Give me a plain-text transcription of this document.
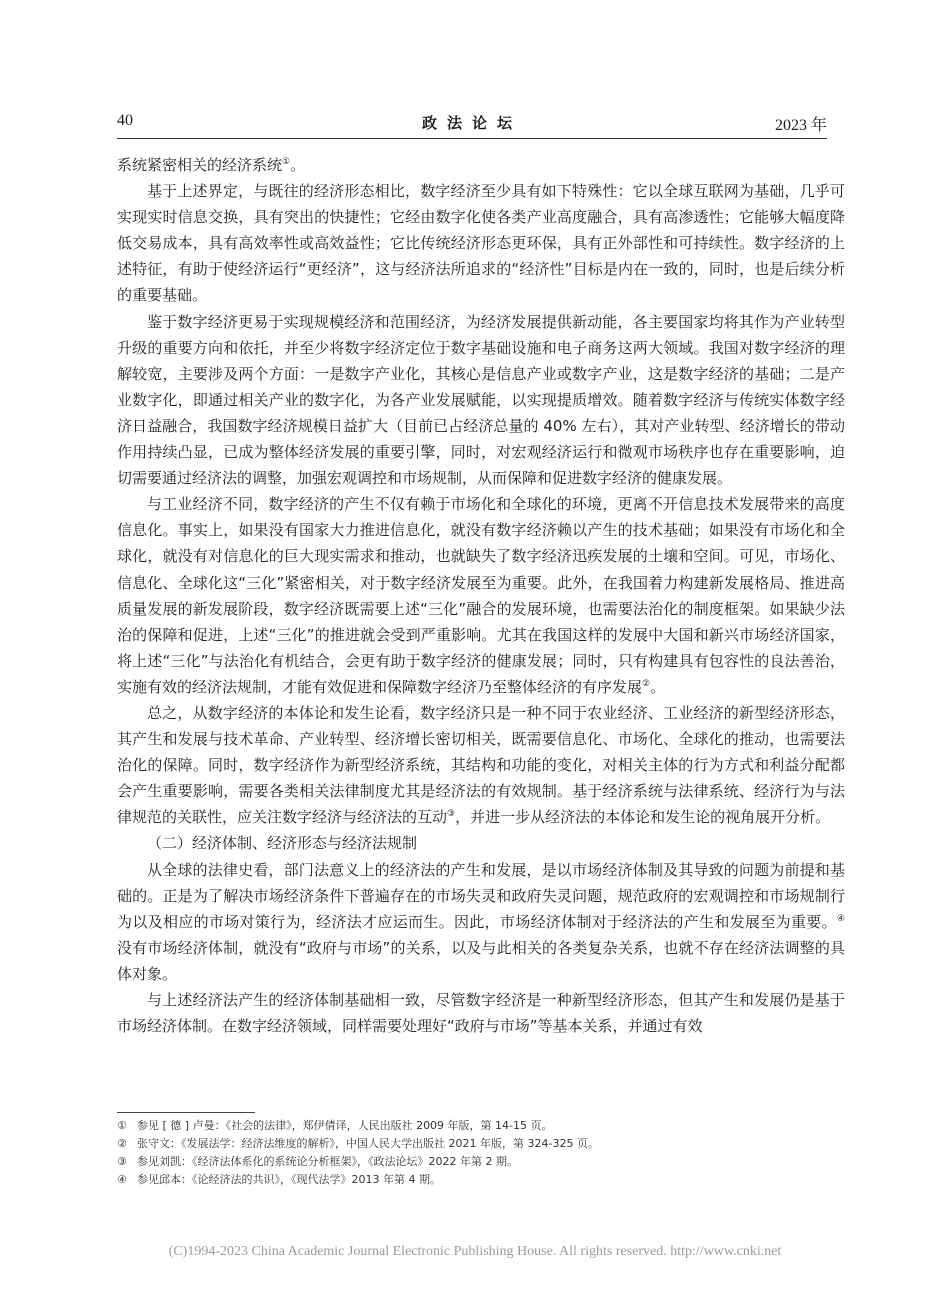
40	政法论坛	2023 年

系统紧密相关的经济系统①。

基于上述界定，与既往的经济形态相比，数字经济至少具有如下特殊性：它以全球互联网为基础，几乎可实现实时信息交换，具有突出的快捷性；它经由数字化使各类产业高度融合，具有高渗透性；它能够大幅度降低交易成本，具有高效率性或高效益性；它比传统经济形态更环保，具有正外部性和可持续性。数字经济的上述特征，有助于使经济运行“更经济”，这与经济法所追求的“经济性”目标是内在一致的，同时，也是后续分析的重要基础。

鉴于数字经济更易于实现规模经济和范围经济，为经济发展提供新动能，各主要国家均将其作为产业转型升级的重要方向和依托，并至少将数字经济定位于数字基础设施和电子商务这两大领域。我国对数字经济的理解较宽，主要涉及两个方面：一是数字产业化，其核心是信息产业或数字产业，这是数字经济的基础；二是产业数字化，即通过相关产业的数字化，为各产业发展赋能，以实现提质增效。随着数字经济与传统实体数字经济日益融合，我国数字经济规模日益扩大（目前已占经济总量的 40% 左右），其对产业转型、经济增长的带动作用持续凸显，已成为整体经济发展的重要引擎，同时，对宏观经济运行和微观市场秩序也存在重要影响，迫切需要通过经济法的调整，加强宏观调控和市场规制，从而保障和促进数字经济的健康发展。

与工业经济不同，数字经济的产生不仅有赖于市场化和全球化的环境，更离不开信息技术发展带来的高度信息化。事实上，如果没有国家大力推进信息化，就没有数字经济赖以产生的技术基础；如果没有市场化和全球化，就没有对信息化的巨大现实需求和推动，也就缺失了数字经济迅疾发展的土壤和空间。可见，市场化、信息化、全球化这“三化”紧密相关，对于数字经济发展至为重要。此外，在我国着力构建新发展格局、推进高质量发展的新发展阶段，数字经济既需要上述“三化”融合的发展环境，也需要法治化的制度框架。如果缺少法治的保障和促进，上述“三化”的推进就会受到严重影响。尤其在我国这样的发展中大国和新兴市场经济国家，将上述“三化”与法治化有机结合，会更有助于数字经济的健康发展；同时，只有构建具有包容性的良法善治，实施有效的经济法规制，才能有效促进和保障数字经济乃至整体经济的有序发展②。

总之，从数字经济的本体论和发生论看，数字经济只是一种不同于农业经济、工业经济的新型经济形态，其产生和发展与技术革命、产业转型、经济增长密切相关，既需要信息化、市场化、全球化的推动，也需要法治化的保障。同时，数字经济作为新型经济系统，其结构和功能的变化，对相关主体的行为方式和利益分配都会产生重要影响，需要各类相关法律制度尤其是经济法的有效规制。基于经济系统与法律系统、经济行为与法律规范的关联性，应关注数字经济与经济法的互动③，并进一步从经济法的本体论和发生论的视角展开分析。

（二）经济体制、经济形态与经济法规制

从全球的法律史看，部门法意义上的经济法的产生和发展，是以市场经济体制及其导致的问题为前提和基础的。正是为了解决市场经济条件下普遍存在的市场失灵和政府失灵问题，规范政府的宏观调控和市场规制行为以及相应的市场对策行为，经济法才应运而生。因此，市场经济体制对于经济法的产生和发展至为重要。④没有市场经济体制，就没有“政府与市场”的关系，以及与此相关的各类复杂关系，也就不存在经济法调整的具体对象。

与上述经济法产生的经济体制基础相一致，尽管数字经济是一种新型经济形态，但其产生和发展仍是基于市场经济体制。在数字经济领域，同样需要处理好“政府与市场”等基本关系，并通过有效

① 参见 [ 德 ] 卢曼：《社会的法律》，郑伊倩译，人民出版社 2009 年版，第 14-15 页。
② 张守文：《发展法学：经济法维度的解析》，中国人民大学出版社 2021 年版，第 324-325 页。
③ 参见刘凯：《经济法体系化的系统论分析框架》，《政法论坛》2022 年第 2 期。
④ 参见邱本：《论经济法的共识》，《现代法学》2013 年第 4 期。
(C)1994-2023 China Academic Journal Electronic Publishing House. All rights reserved. http://www.cnki.net
